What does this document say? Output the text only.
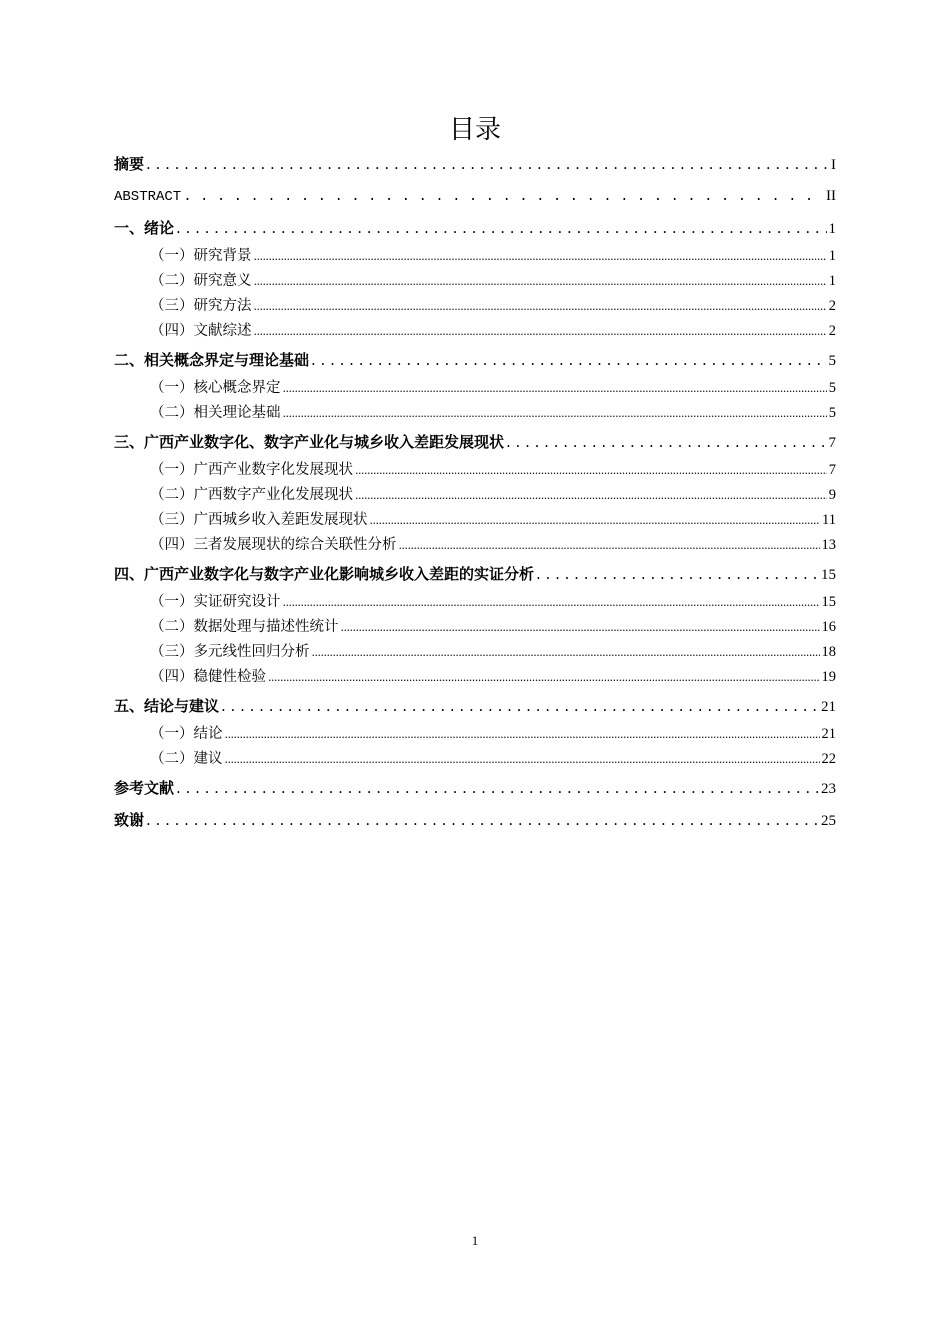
目录
摘要 . . .	I
ABSTRACT . . .	II
一、绪论 . . .	1
（一）研究背景 .....	1
（二）研究意义 .....	1
（三）研究方法 .....	2
（四）文献综述 .....	2
二、相关概念界定与理论基础 . . .	5
（一）核心概念界定 .....	5
（二）相关理论基础 .....	5
三、广西产业数字化、数字产业化与城乡收入差距发展现状 . . .	7
（一）广西产业数字化发展现状 .....	7
（二）广西数字产业化发展现状 .....	9
（三）广西城乡收入差距发展现状 .....	11
（四）三者发展现状的综合关联性分析 .....	13
四、广西产业数字化与数字产业化影响城乡收入差距的实证分析 . . .	15
（一）实证研究设计 .....	15
（二）数据处理与描述性统计 .....	16
（三）多元线性回归分析 .....	18
（四）稳健性检验 .....	19
五、结论与建议 . . .	21
（一）结论 .....	21
（二）建议 .....	22
参考文献 . . .	23
致谢 . . .	25
1
